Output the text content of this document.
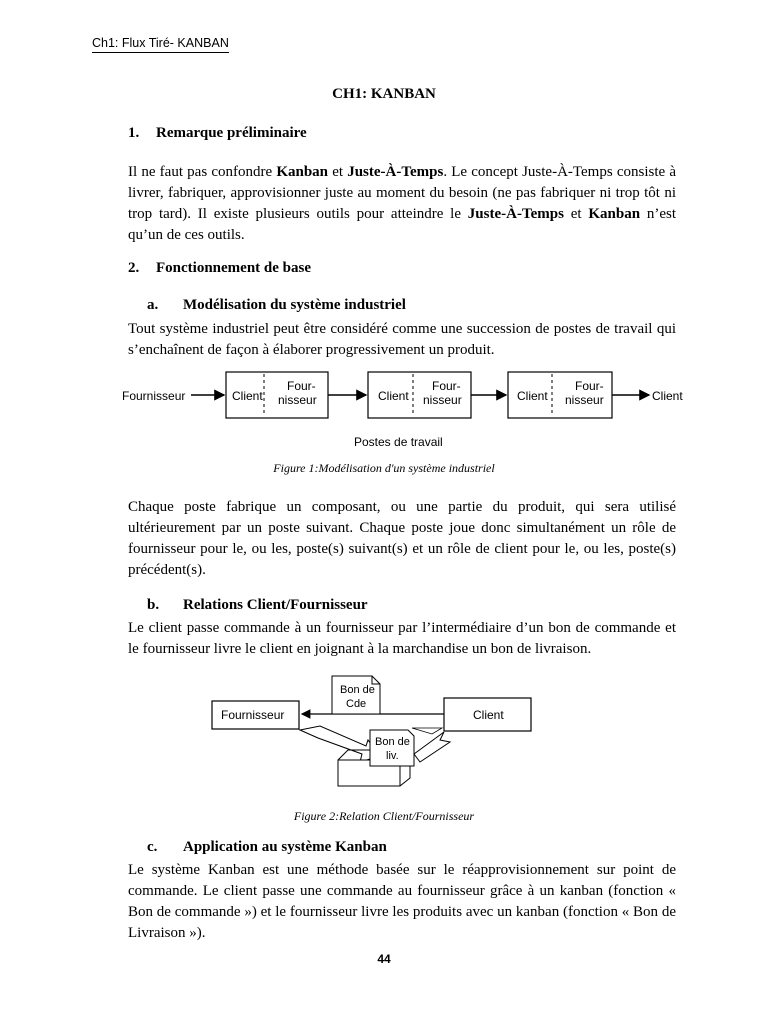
Ch1: Flux Tiré- KANBAN
CH1: KANBAN
1. Remarque préliminaire
Il ne faut pas confondre Kanban et Juste-À-Temps. Le concept Juste-À-Temps consiste à livrer, fabriquer, approvisionner juste au moment du besoin (ne pas fabriquer ni trop tôt ni trop tard). Il existe plusieurs outils pour atteindre le Juste-À-Temps et Kanban n’est qu’un de ces outils.
2. Fonctionnement de base
a. Modélisation du système industriel
Tout système industriel peut être considéré comme une succession de postes de travail qui s’enchaînent de façon à élaborer progressivement un produit.
Fournisseur	Client
Four-
nisseur	Client
Four-
nisseur	Client
Four-
nisseur	Client
Postes de travail
Figure 1:Modélisation d'un système industriel
Chaque poste fabrique un composant, ou une partie du produit, qui sera utilisé ultérieurement par un poste suivant. Chaque poste joue donc simultanément un rôle de fournisseur pour le, ou les, poste(s) suivant(s) et un rôle de client pour le, ou les, poste(s) précédent(s).
b. Relations Client/Fournisseur
Le client passe commande à un fournisseur par l’intermédiaire d’un bon de commande et le fournisseur livre le client en joignant à la marchandise un bon de livraison.
Fournisseur	Client
Bon de
Cde
Bon de
liv.
Figure 2:Relation Client/Fournisseur
c. Application au système Kanban
Le système Kanban est une méthode basée sur le réapprovisionnement sur point de commande. Le client passe une commande au fournisseur grâce à un kanban (fonction « Bon de commande ») et le fournisseur livre les produits avec un kanban (fonction « Bon de Livraison »).
44
